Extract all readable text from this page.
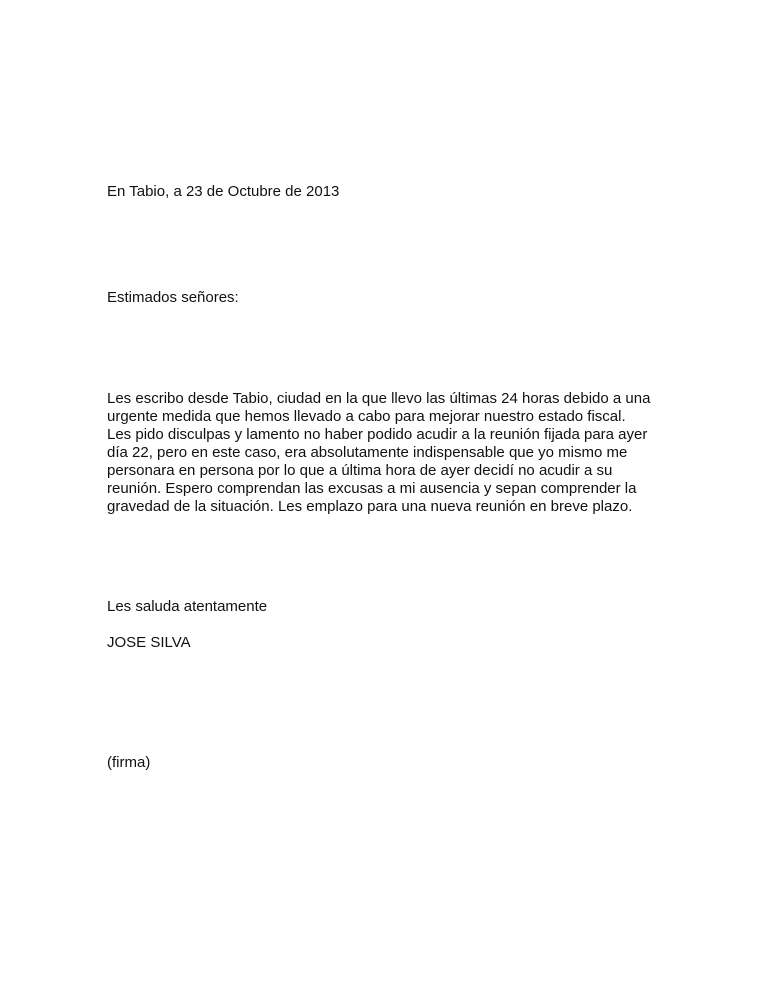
En Tabio, a 23 de Octubre de 2013
Estimados señores:
Les escribo desde Tabio, ciudad en la que llevo las últimas 24 horas debido a una
urgente medida que hemos llevado a cabo para mejorar nuestro estado fiscal.
Les pido disculpas y lamento no haber podido acudir a la reunión fijada para ayer
día 22, pero en este caso, era absolutamente indispensable que yo mismo me
personara en persona por lo que a última hora de ayer decidí no acudir a su
reunión. Espero comprendan las excusas a mi ausencia y sepan comprender la
gravedad de la situación. Les emplazo para una nueva reunión en breve plazo.
Les saluda atentamente
JOSE SILVA
(firma)
